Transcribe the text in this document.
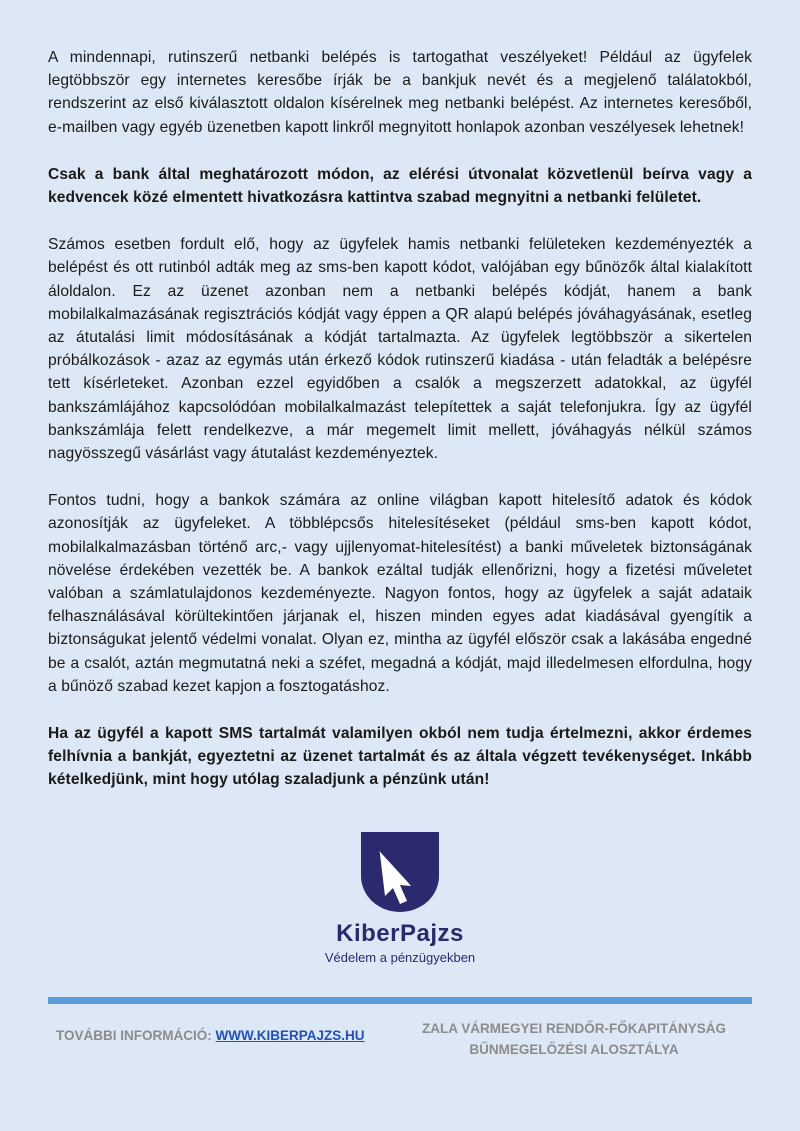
A mindennapi, rutinszerű netbanki belépés is tartogathat veszélyeket! Például az ügyfelek legtöbbször egy internetes keresőbe írják be a bankjuk nevét és a megjelenő találatokból, rendszerint az első kiválasztott oldalon kísérelnek meg netbanki belépést. Az internetes keresőből, e-mailben vagy egyéb üzenetben kapott linkről megnyitott honlapok azonban veszélyesek lehetnek!

Csak a bank által meghatározott módon, az elérési útvonalat közvetlenül beírva vagy a kedvencek közé elmentett hivatkozásra kattintva szabad megnyitni a netbanki felületet.

Számos esetben fordult elő, hogy az ügyfelek hamis netbanki felületeken kezdeményezték a belépést és ott rutinból adták meg az sms-ben kapott kódot, valójában egy bűnözők által kialakított áloldalon. Ez az üzenet azonban nem a netbanki belépés kódját, hanem a bank mobilalkalmazásának regisztrációs kódját vagy éppen a QR alapú belépés jóváhagyásának, esetleg az átutalási limit módosításának a kódját tartalmazta. Az ügyfelek legtöbbször a sikertelen próbálkozások - azaz az egymás után érkező kódok rutinszerű kiadása - után feladták a belépésre tett kísérleteket. Azonban ezzel egyidőben a csalók a megszerzett adatokkal, az ügyfél bankszámlájához kapcsolódóan mobilalkalmazást telepítettek a saját telefonjukra. Így az ügyfél bankszámlája felett rendelkezve, a már megemelt limit mellett, jóváhagyás nélkül számos nagyösszegű vásárlást vagy átutalást kezdeményeztek.

Fontos tudni, hogy a bankok számára az online világban kapott hitelesítő adatok és kódok azonosítják az ügyfeleket. A többlépcsős hitelesítéseket (például sms-ben kapott kódot, mobilalkalmazásban történő arc,- vagy ujjlenyomat-hitelesítést) a banki műveletek biztonságának növelése érdekében vezették be. A bankok ezáltal tudják ellenőrizni, hogy a fizetési műveletet valóban a számlatulajdonos kezdeményezte. Nagyon fontos, hogy az ügyfelek a saját adataik felhasználásával körültekintően járjanak el, hiszen minden egyes adat kiadásával gyengítik a biztonságukat jelentő védelmi vonalat. Olyan ez, mintha az ügyfél először csak a lakásába engedné be a csalót, aztán megmutatná neki a széfet, megadná a kódját, majd illedelmesen elfordulna, hogy a bűnöző szabad kezet kapjon a fosztogatáshoz.

Ha az ügyfél a kapott SMS tartalmát valamilyen okból nem tudja értelmezni, akkor érdemes felhívnia a bankját, egyeztetni az üzenet tartalmát és az általa végzett tevékenységet. Inkább kételkedjünk, mint hogy utólag szaladjunk a pénzünk után!

KiberPajzs
Védelem a pénzügyekben
TOVÁBBI INFORMÁCIÓ: WWW.KIBERPAJZS.HU	ZALA VÁRMEGYEI RENDŐR-FŐKAPITÁNYSÁG
BŰNMEGELŐZÉSI ALOSZTÁLYA
